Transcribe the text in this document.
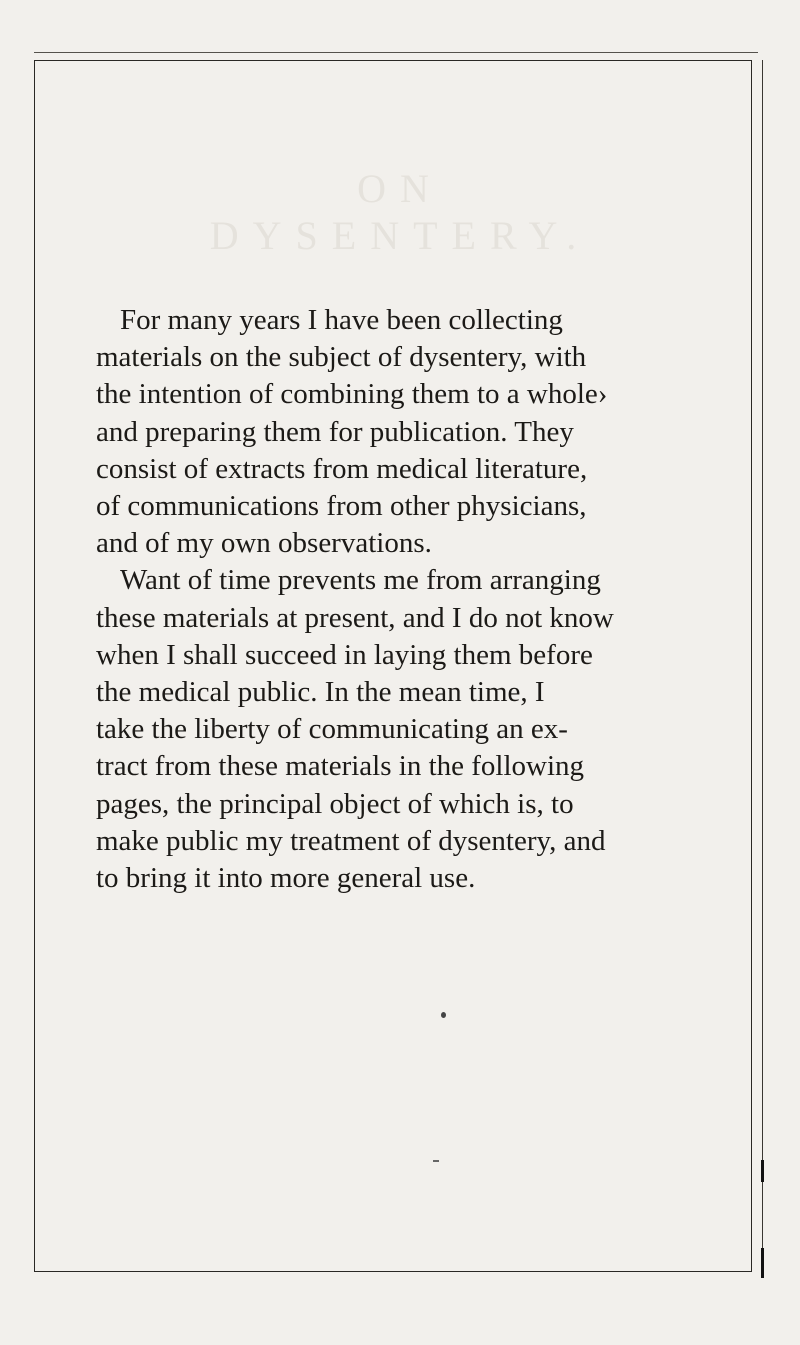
ON DYSENTERY.

For many years I have been collecting
materials on the subject of dysentery, with
the intention of combining them to a whole›
and preparing them for publication. They
consist of extracts from medical literature,
of communications from other physicians,
and of my own observations.

Want of time prevents me from arranging
these materials at present, and I do not know
when I shall succeed in laying them before
the medical public. In the mean time, I
take the liberty of communicating an ex-
tract from these materials in the following
pages, the principal object of which is, to
make public my treatment of dysentery, and
to bring it into more general use.
